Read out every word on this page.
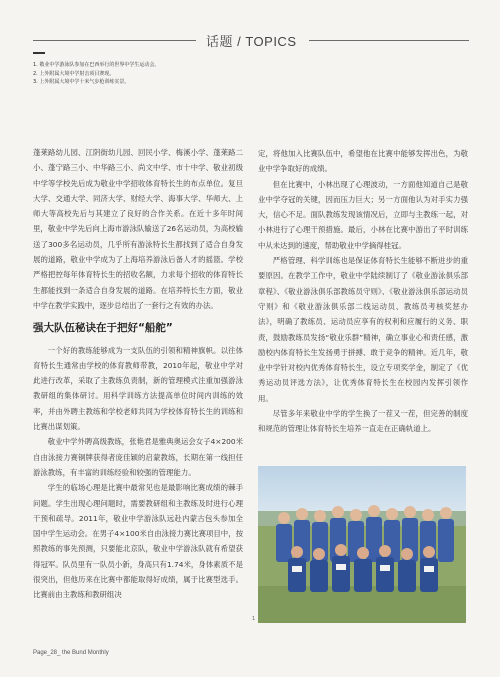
话题 / TOPICS
1. 敬业中学游泳队参加在巴西举行的世界中学生运动会。
2. 上外附属大境中学射击项目赛现。
3. 上外附属大境中学十米气步枪训练实景。

蓬莱路幼儿园、江阴街幼儿园、回民小学、梅溪小学、蓬莱路二小、蓬宁路三小、中华路三小、尚文中学、市十中学、敬业初级中学等学校先后成为敬业中学招收体育特长生的布点单位。复旦大学、交通大学、同济大学、财经大学、海事大学、华师大、上师大等高校先后与其建立了良好的合作关系。在近十多年时间里，敬业中学先后向上海市游泳队输送了26名运动员，为高校输送了300多名运动员，几乎所有游泳特长生都找到了适合自身发展的道路，敬业中学成为了上海培养游泳后备人才的摇篮。学校严格把控每年体育特长生的招收名额，力求每个招收的体育特长生都能找到一条适合自身发展的道路。在培养特长生方面，敬业中学在教学实践中，逐步总结出了一套行之有效的办法。

强大队伍秘诀在于把好“船舵”

一个好的教练能够成为一支队伍的引领和精神旗帜。以往体育特长生通常由学校的体育教师带教，2010年起，敬业中学对此进行改革，采取了主教练负责制，新的管理模式注重加强游泳教研组的集体研讨。用科学训练方法提高单位时间内训练的效率，并由外聘主教练和学校老师共同为学校体育特长生的训练和比赛出谋划策。

敬业中学外聘高级教练，张艳君是雅典奥运会女子4×200米自由泳接力赛铜牌获得者庞佳颖的启蒙教练，长期在第一线担任游泳教练，有丰富的训练经验和较强的管理能力。

学生的临场心理是比赛中最常见也是最影响比赛成绩的棘手问题。学生出现心理问题时，需要教研组和主教练及时进行心理干预和疏导。2011年，敬业中学游泳队远赴内蒙古包头参加全国中学生运动会。在男子4×100米自由泳接力赛比赛项目中，按照教练的事先预测，只要能北京队，敬业中学游泳队就有希望获得冠军。队员里有一队员小新，身高只有1.74米，身体素质不是很突出，但他历来在比赛中都能取得好成绩，属于比赛型选手。比赛前由主教练和教研组决

定，将他加入比赛队伍中，希望他在比赛中能够发挥出色，为敬业中学争取好的成绩。

但在比赛中，小林出现了心理波动，一方面他知道自己是敬业中学夺冠的关键，因而压力巨大；另一方面他认为对手实力强大，信心不足。面队教练发现该情况后，立即与主教练一起，对小林进行了心理干预措施。最后，小林在比赛中游出了平时训练中从未达到的速度，帮助敬业中学摘得桂冠。

严格管理、科学训练也是保证体育特长生能够不断进步的重要原因。在教学工作中，敬业中学陆续制订了《敬业游泳俱乐部章程》、《敬业游泳俱乐部教练员守则》、《敬业游泳俱乐部运动员守则》和《敬业游泳俱乐部二线运动员、教练员考核奖惩办法》，明确了教练员、运动员应享有的权利和应履行的义务、职责，鼓励教练员发扬“敬业乐群”精神，确立事业心和责任感，激励校内体育特长生发扬勇于拼搏、敢于竞争的精神。近几年，敬业中学针对校内优秀体育特长生，设立专项奖学金，制定了《优秀运动员评选方法》，让优秀体育特长生在校园内发挥引领作用。

尽管多年来敬业中学的学生换了一茬又一茬，但完善的制度和规范的管理让体育特长生培养一直走在正确轨道上。

1
Page_28_ the Bund Monthly
